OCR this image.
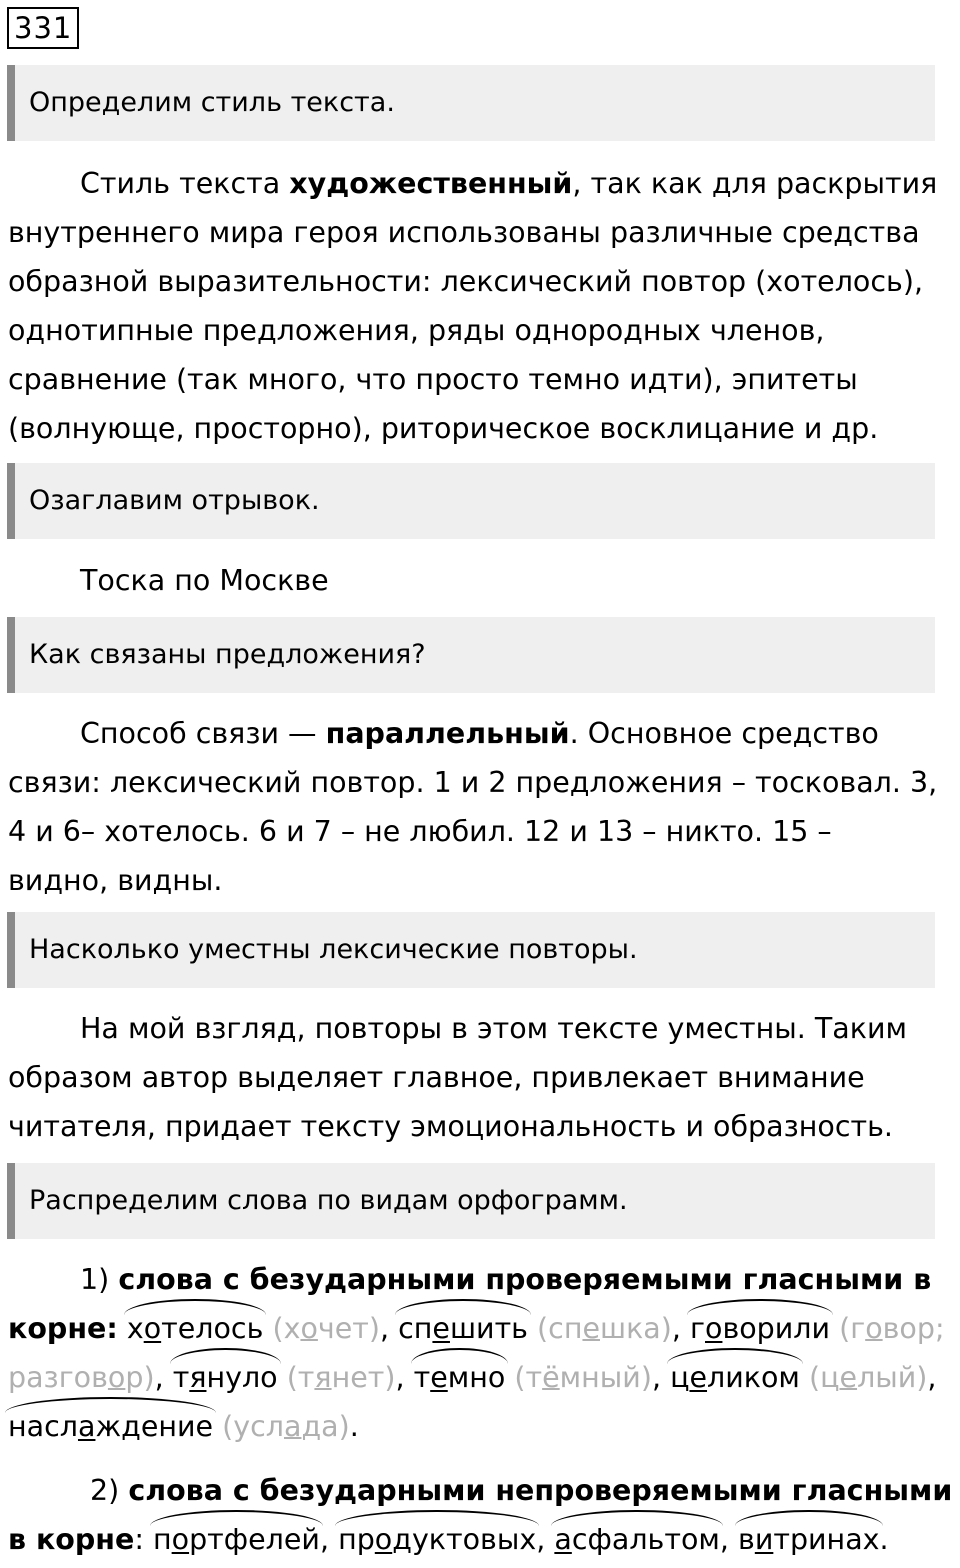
331
Определим стиль текста.
Стиль текста художественный, так как для раскрытия
внутреннего мира героя использованы различные средства
образной выразительности: лексический повтор (хотелось),
однотипные предложения, ряды однородных членов,
сравнение (так много, что просто темно идти), эпитеты
(волнующе, просторно), риторическое восклицание и др.
Озаглавим отрывок.
Тоска по Москве
Как связаны предложения?
Способ связи — параллельный. Основное средство
связи: лексический повтор. 1 и 2 предложения – тосковал. 3,
4 и 6– хотелось. 6 и 7 – не любил. 12 и 13 – никто. 15 –
видно, видны.
Насколько уместны лексические повторы.
На мой взгляд, повторы в этом тексте уместны. Таким
образом автор выделяет главное, привлекает внимание
читателя, придает тексту эмоциональность и образность.
Распределим слова по видам орфограмм.
1) слова с безударными проверяемыми гласными в
корне: хотелось (хочет), спешить (спешка), говорили (говор;
разговор), тянуло (тянет), темно (тёмный), целиком (целый),
наслаждение (услада).
2) слова с безударными непроверяемыми гласными
в корне: портфелей, продуктовых, асфальтом, витринах.
